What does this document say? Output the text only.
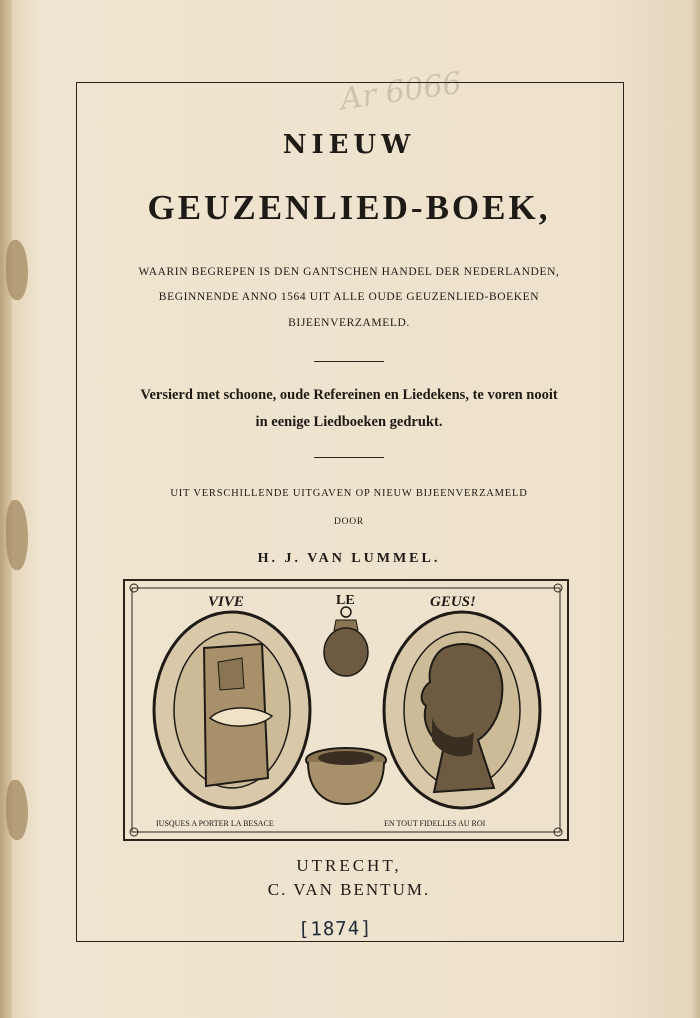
Ar 6066
NIEUW
GEUZENLIED-BOEK,
WAARIN BEGREPEN IS DEN GANTSCHEN HANDEL DER NEDERLANDEN,
BEGINNENDE ANNO 1564 UIT ALLE OUDE GEUZENLIED-BOEKEN
BIJEENVERZAMELD.
Versierd met schoone, oude Refereinen en Liedekens, te voren nooit
in eenige Liedboeken gedrukt.
UIT VERSCHILLENDE UITGAVEN OP NIEUW BIJEENVERZAMELD
DOOR
H. J. VAN LUMMEL.
VIVE	LE	GEUS!
IUSQUES A PORTER LA BESACE	EN TOUT FIDELLES AU ROI
UTRECHT,
C. VAN BENTUM.
[1874]
